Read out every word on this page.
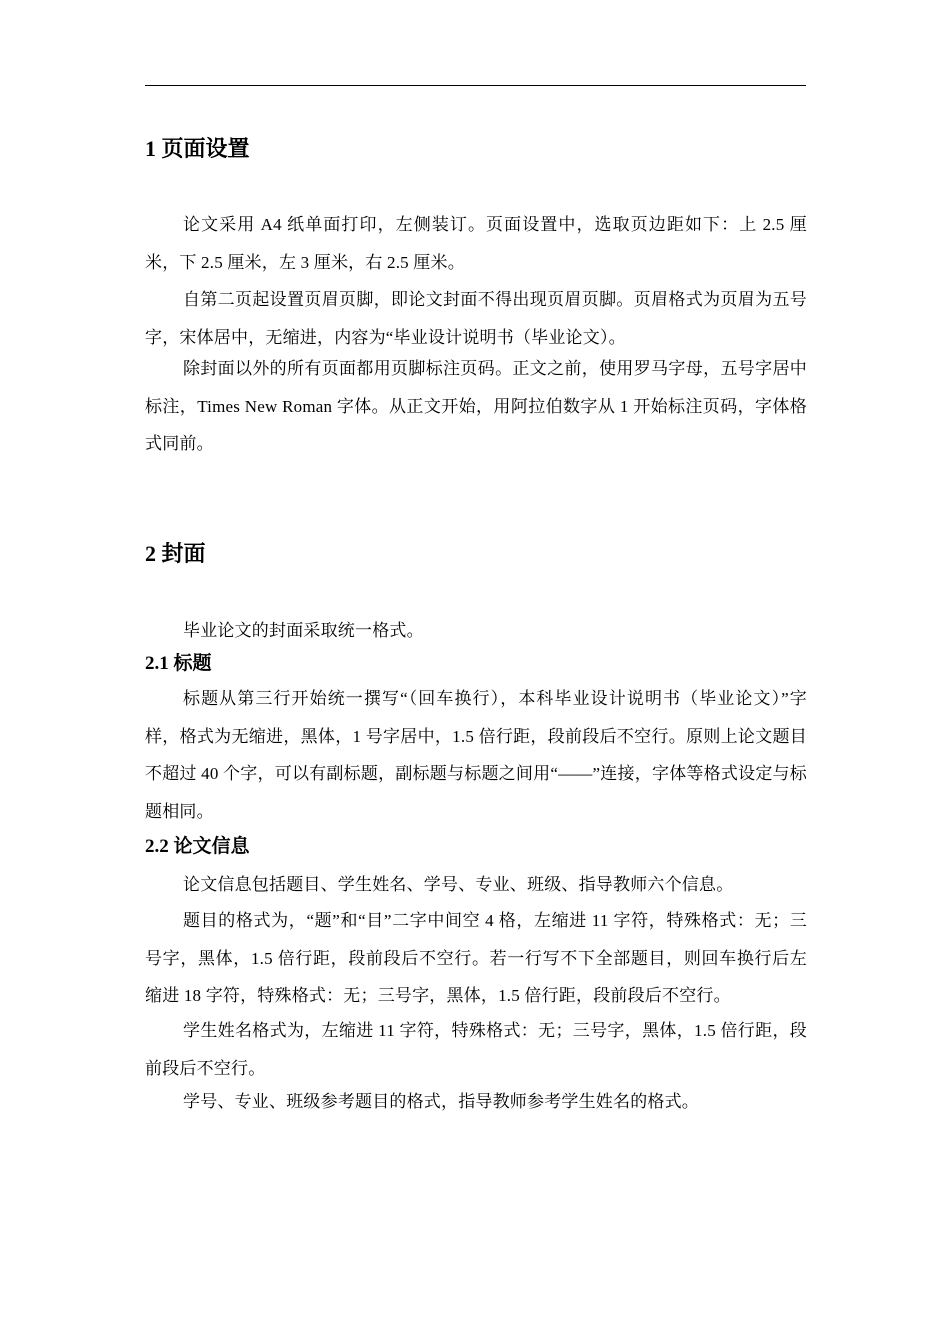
1 页面设置

论文采用 A4 纸单面打印，左侧装订。页面设置中，选取页边距如下：上 2.5 厘米，下 2.5 厘米，左 3 厘米，右 2.5 厘米。

自第二页起设置页眉页脚，即论文封面不得出现页眉页脚。页眉格式为页眉为五号字，宋体居中，无缩进，内容为“毕业设计说明书（毕业论文）。

除封面以外的所有页面都用页脚标注页码。正文之前，使用罗马字母，五号字居中标注，Times New Roman 字体。从正文开始，用阿拉伯数字从 1 开始标注页码，字体格式同前。

2 封面

毕业论文的封面采取统一格式。

2.1 标题

标题从第三行开始统一撰写“（回车换行），本科毕业设计说明书（毕业论文）”字样，格式为无缩进，黑体，1 号字居中，1.5 倍行距，段前段后不空行。原则上论文题目不超过 40 个字，可以有副标题，副标题与标题之间用“——”连接，字体等格式设定与标题相同。

2.2 论文信息

论文信息包括题目、学生姓名、学号、专业、班级、指导教师六个信息。

题目的格式为，“题”和“目”二字中间空 4 格，左缩进 11 字符，特殊格式：无；三号字，黑体，1.5 倍行距，段前段后不空行。若一行写不下全部题目，则回车换行后左缩进 18 字符，特殊格式：无；三号字，黑体，1.5 倍行距，段前段后不空行。

学生姓名格式为，左缩进 11 字符，特殊格式：无；三号字，黑体，1.5 倍行距，段前段后不空行。

学号、专业、班级参考题目的格式，指导教师参考学生姓名的格式。
